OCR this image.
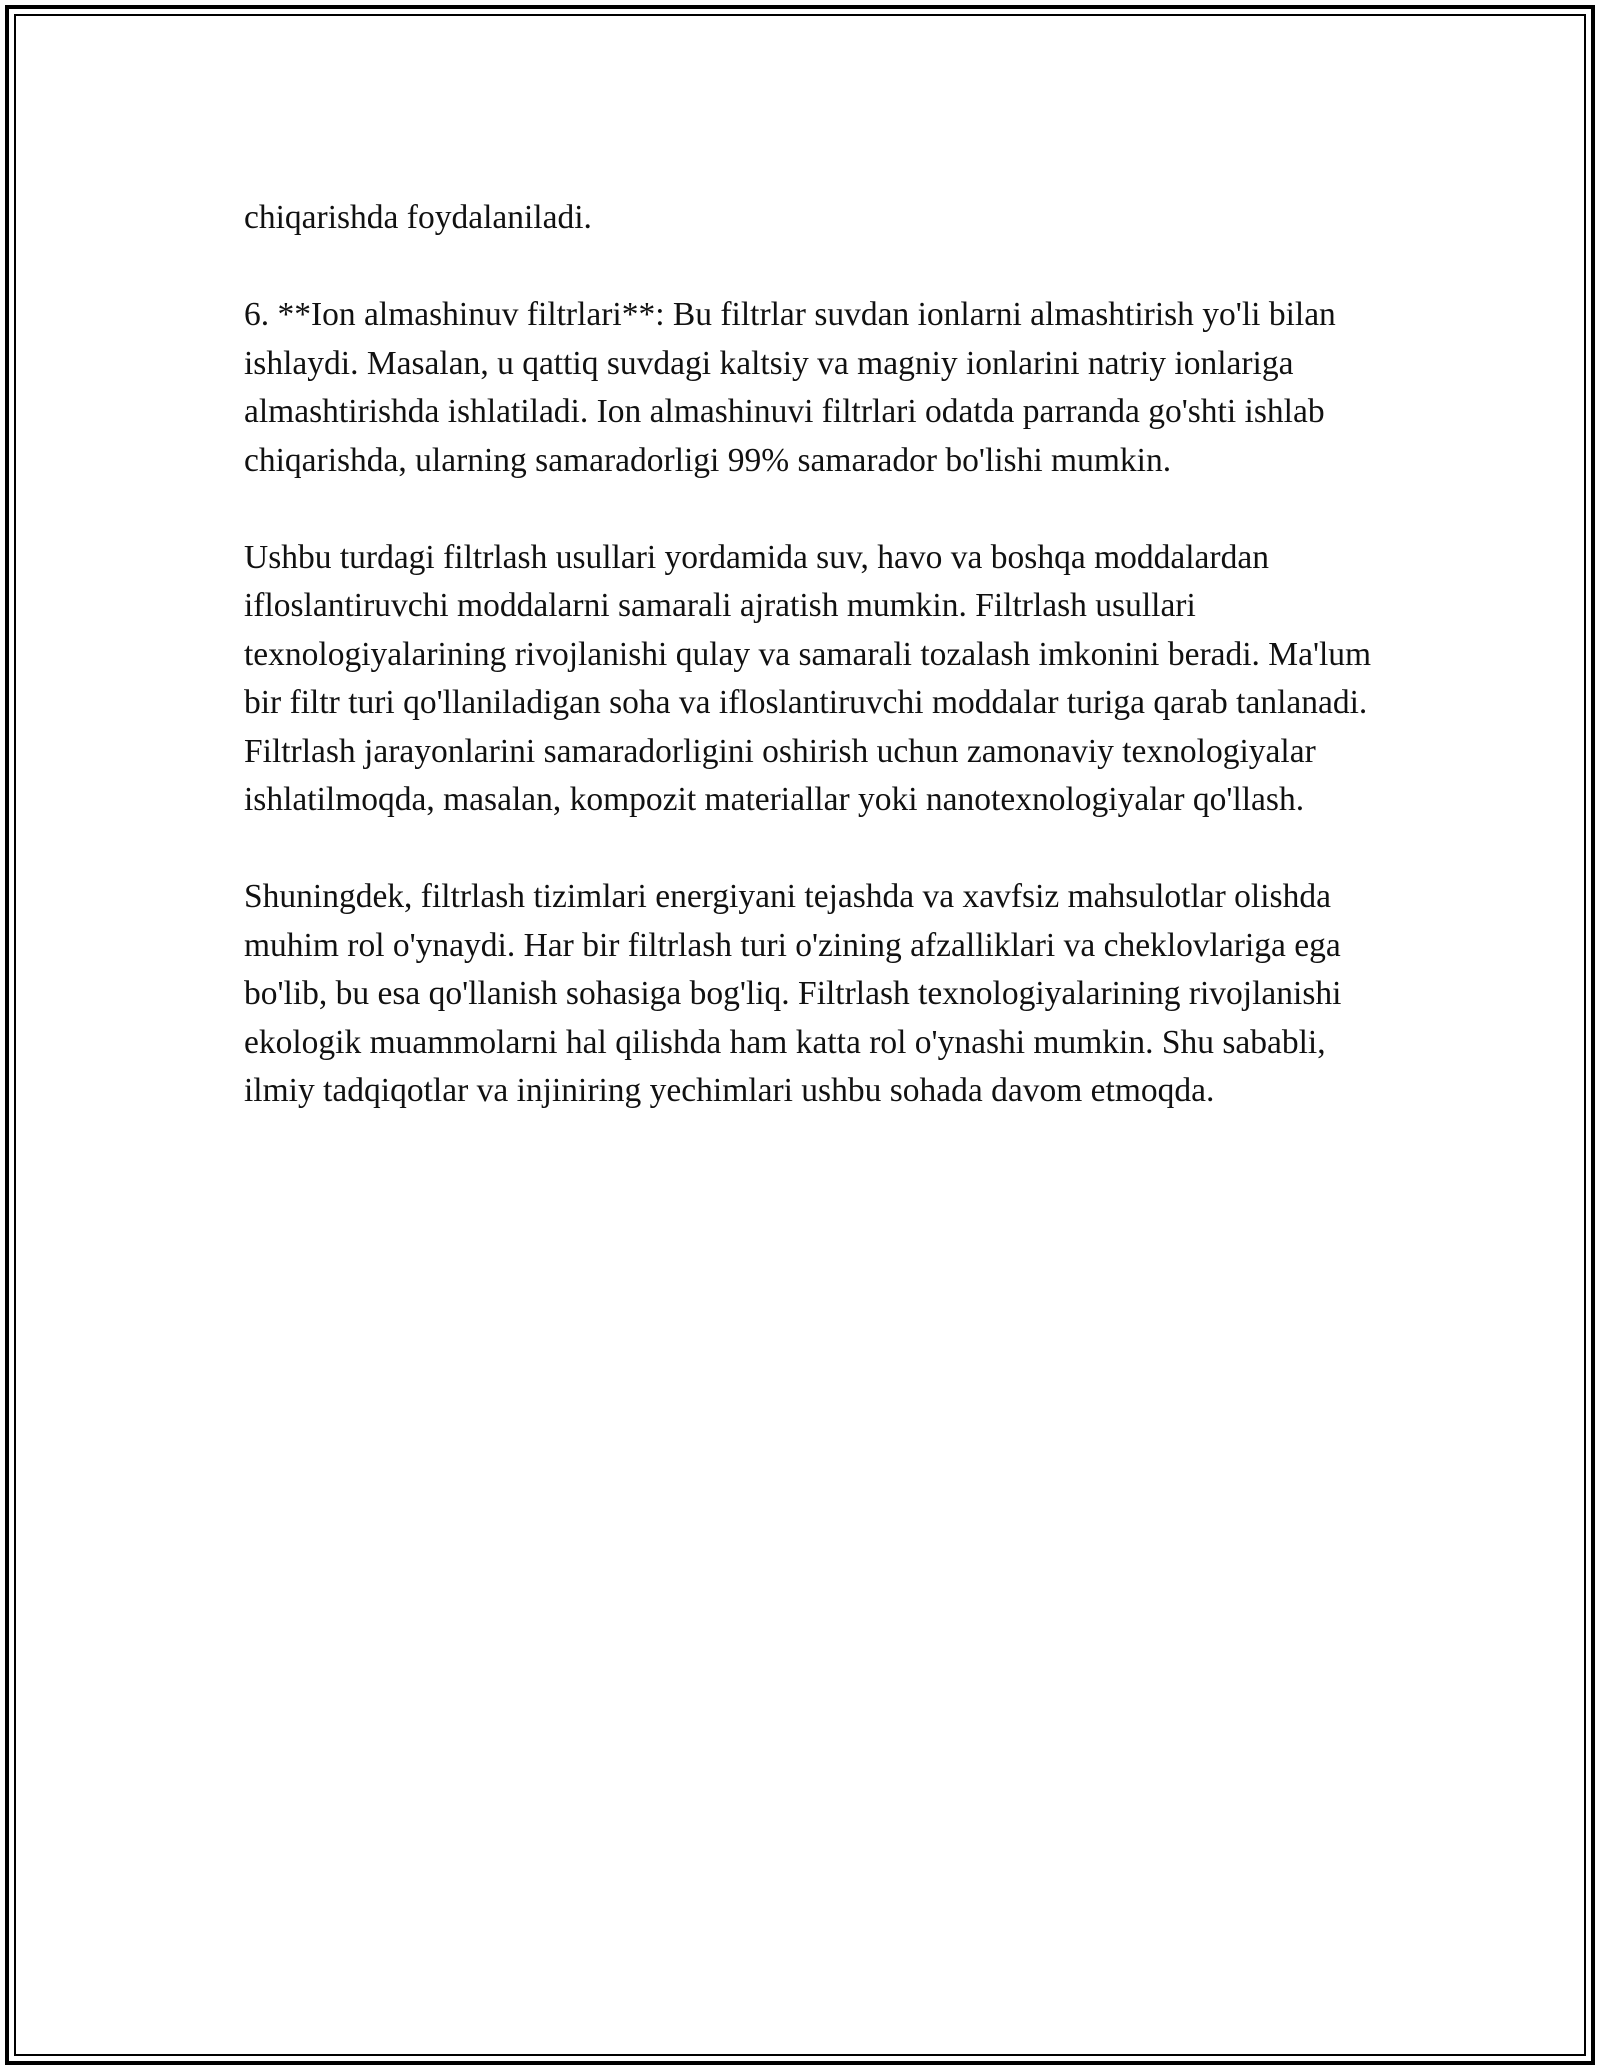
chiqarishda foydalaniladi.

6. **Ion almashinuv filtrlari**: Bu filtrlar suvdan ionlarni almashtirish yo'li bilan ishlaydi. Masalan, u qattiq suvdagi kaltsiy va magniy ionlarini natriy ionlariga almashtirishda ishlatiladi. Ion almashinuvi filtrlari odatda parranda go'shti ishlab chiqarishda, ularning samaradorligi 99% samarador bo'lishi mumkin.

Ushbu turdagi filtrlash usullari yordamida suv, havo va boshqa moddalardan ifloslantiruvchi moddalarni samarali ajratish mumkin. Filtrlash usullari texnologiyalarining rivojlanishi qulay va samarali tozalash imkonini beradi. Ma'lum bir filtr turi qo'llaniladigan soha va ifloslantiruvchi moddalar turiga qarab tanlanadi. Filtrlash jarayonlarini samaradorligini oshirish uchun zamonaviy texnologiyalar ishlatilmoqda, masalan, kompozit materiallar yoki nanotexnologiyalar qo'llash.

Shuningdek, filtrlash tizimlari energiyani tejashda va xavfsiz mahsulotlar olishda muhim rol o'ynaydi. Har bir filtrlash turi o'zining afzalliklari va cheklovlariga ega bo'lib, bu esa qo'llanish sohasiga bog'liq. Filtrlash texnologiyalarining rivojlanishi ekologik muammolarni hal qilishda ham katta rol o'ynashi mumkin. Shu sababli, ilmiy tadqiqotlar va injiniring yechimlari ushbu sohada davom etmoqda.
